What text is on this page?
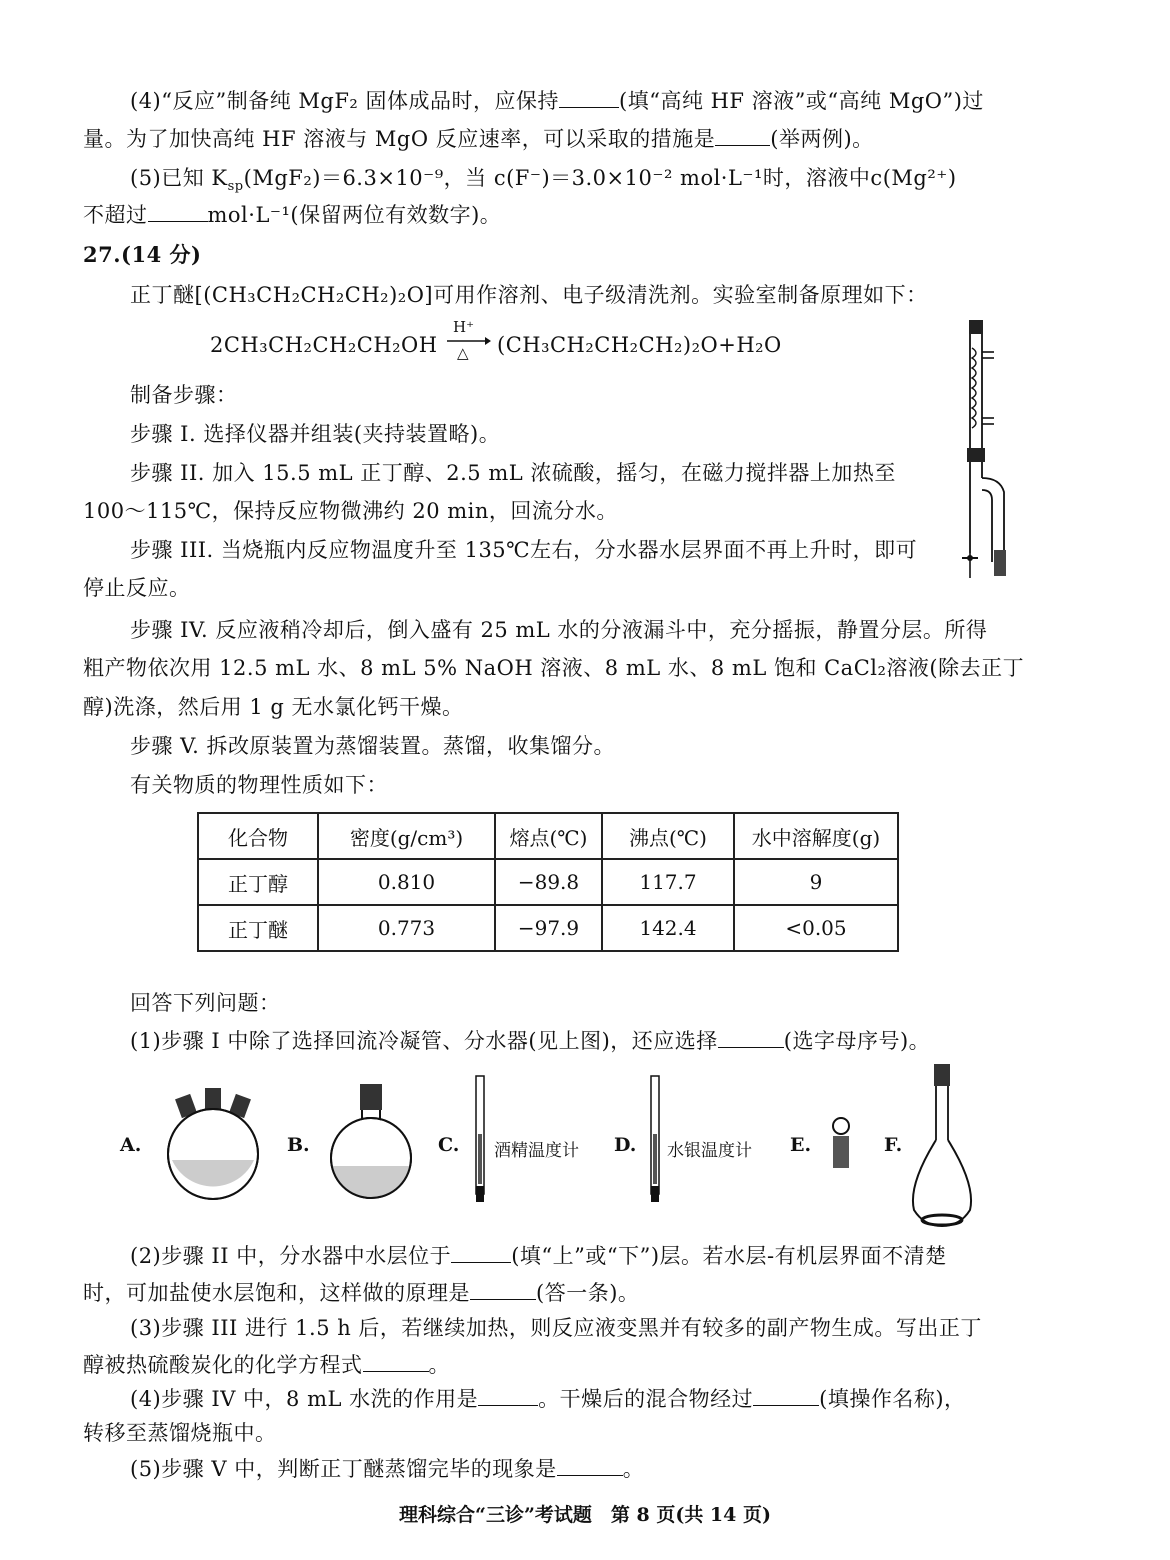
(4)“反应”制备纯 MgF₂ 固体成品时，应保持	(填“高纯 HF 溶液”或“高纯 MgO”)过
量。为了加快高纯 HF 溶液与 MgO 反应速率，可以采取的措施是	(举两例)。
(5)已知 $K_{sp}(MgF_2)=6.3\times 10^{-9}$，当 c(F⁻)＝3.0×10⁻² mol·L⁻¹时，溶液中c(Mg²⁺)
不超过	mol·L⁻¹(保留两位有效数字)。
27.(14 分)
正丁醚[(CH₃CH₂CH₂CH₂)₂O]可用作溶剂、电子级清洗剂。实验室制备原理如下：
2CH₃CH₂CH₂CH₂OH
H⁺
△ (CH₃CH₂CH₂CH₂)₂O+H₂O
制备步骤：
步骤 I. 选择仪器并组装(夹持装置略)。
步骤 II. 加入 15.5 mL 正丁醇、2.5 mL 浓硫酸，摇匀，在磁力搅拌器上加热至
100～115℃，保持反应物微沸约 20 min，回流分水。
步骤 III. 当烧瓶内反应物温度升至 135℃左右，分水器水层界面不再上升时，即可
停止反应。
步骤 IV. 反应液稍冷却后，倒入盛有 25 mL 水的分液漏斗中，充分摇振，静置分层。所得
粗产物依次用 12.5 mL 水、8 mL 5% NaOH 溶液、8 mL 水、8 mL 饱和 CaCl₂溶液(除去正丁
醇)洗涤，然后用 1 g 无水氯化钙干燥。
步骤 V. 拆改原装置为蒸馏装置。蒸馏，收集馏分。
有关物质的物理性质如下：
化合物	密度(g/cm³)	熔点(℃)	沸点(℃)	水中溶解度(g)
正丁醇	0.810	−89.8	117.7	9
正丁醚	0.773	−97.9	142.4	<0.05
回答下列问题：
(1)步骤 I 中除了选择回流冷凝管、分水器(见上图)，还应选择	(选字母序号)。
A.	B.	C. 酒精温度计 D. 水银温度计 E.	F.
(2)步骤 II 中，分水器中水层位于	(填“上”或“下”)层。若水层-有机层界面不清楚
时，可加盐使水层饱和，这样做的原理是	(答一条)。
(3)步骤 III 进行 1.5 h 后，若继续加热，则反应液变黑并有较多的副产物生成。写出正丁
醇被热硫酸炭化的化学方程式	。
(4)步骤 IV 中，8 mL 水洗的作用是	。干燥后的混合物经过	(填操作名称)，
转移至蒸馏烧瓶中。
(5)步骤 V 中，判断正丁醚蒸馏完毕的现象是	。
理科综合“三诊”考试题　第 8 页(共 14 页)
